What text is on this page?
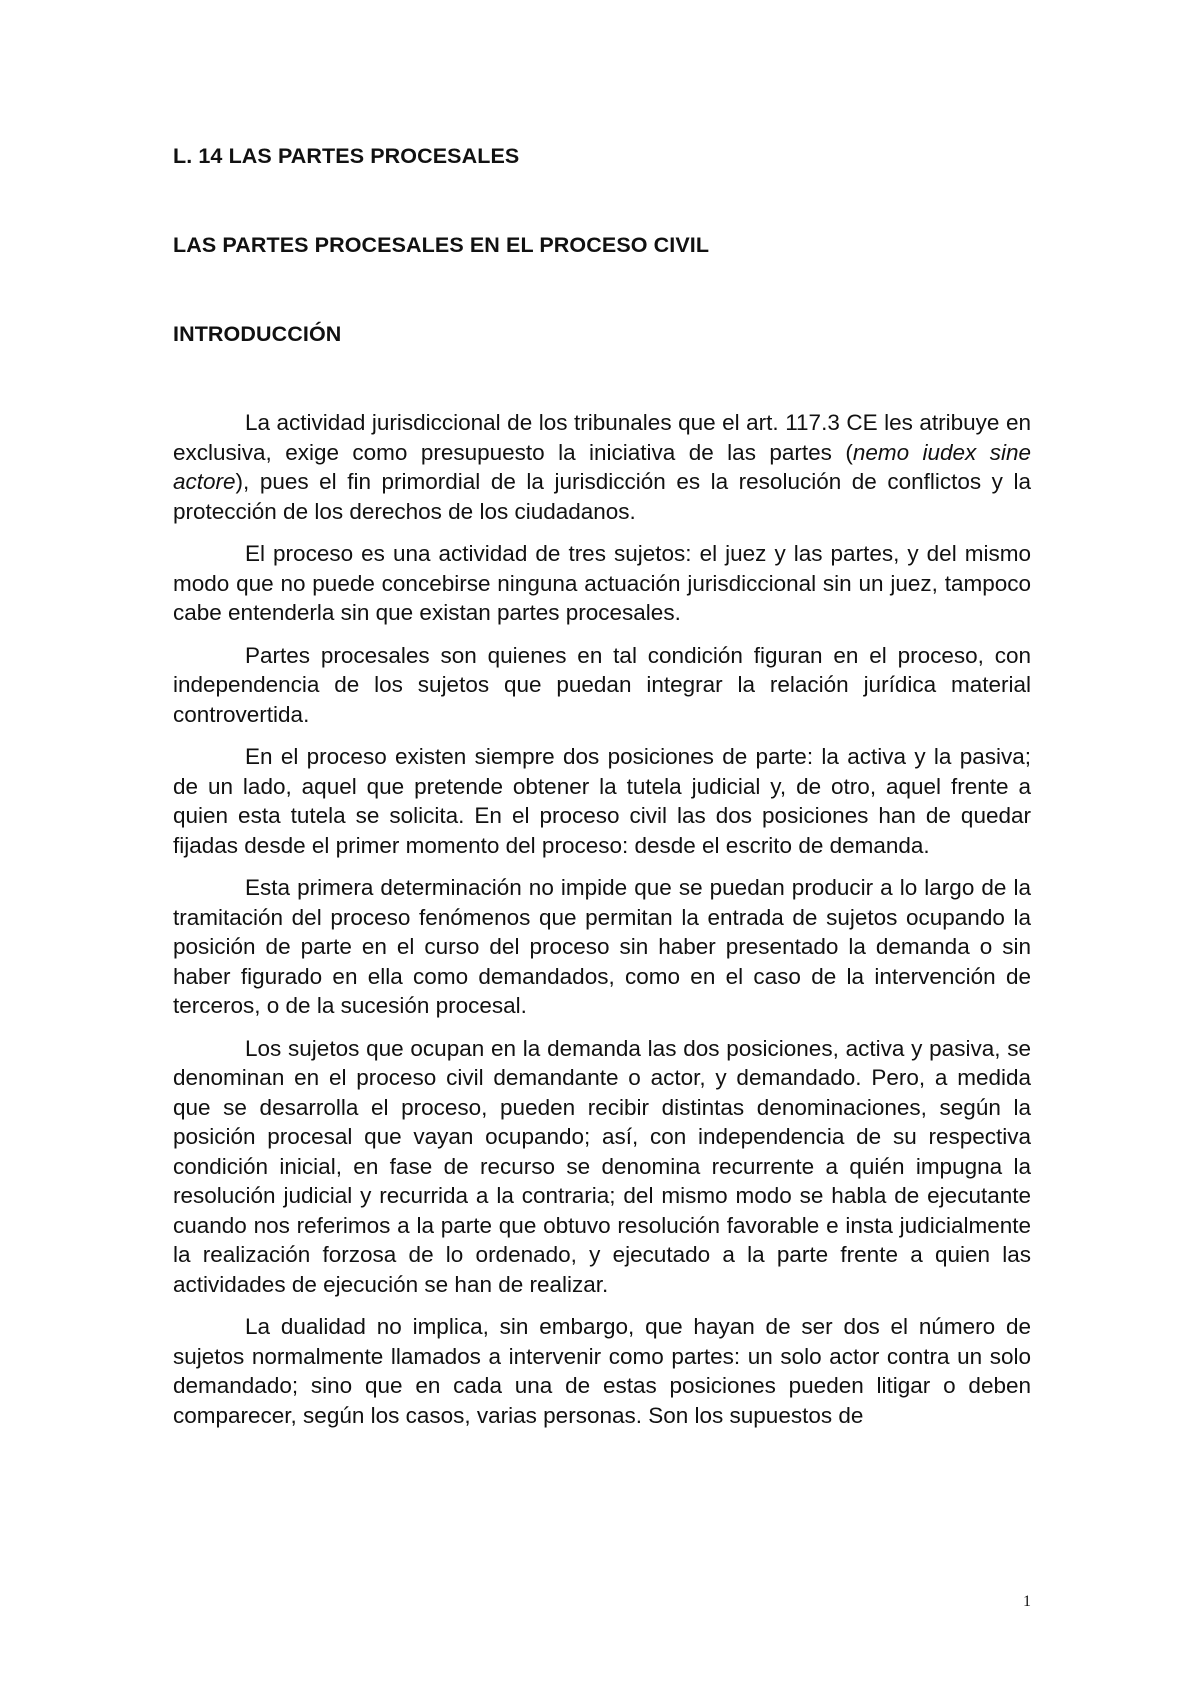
L. 14 LAS PARTES PROCESALES

LAS PARTES PROCESALES EN EL PROCESO CIVIL

INTRODUCCIÓN

La actividad jurisdiccional de los tribunales que el art. 117.3 CE les atribuye en exclusiva, exige como presupuesto la iniciativa de las partes (nemo iudex sine actore), pues el fin primordial de la jurisdicción es la resolución de conflictos y la protección de los derechos de los ciudadanos.

El proceso es una actividad de tres sujetos: el juez y las partes, y del mismo modo que no puede concebirse ninguna actuación jurisdiccional sin un juez, tampoco cabe entenderla sin que existan partes procesales.

Partes procesales son quienes en tal condición figuran en el proceso, con independencia de los sujetos que puedan integrar la relación jurídica material controvertida.

En el proceso existen siempre dos posiciones de parte: la activa y la pasiva; de un lado, aquel que pretende obtener la tutela judicial y, de otro, aquel frente a quien esta tutela se solicita. En el proceso civil las dos posiciones han de quedar fijadas desde el primer momento del proceso: desde el escrito de demanda.

Esta primera determinación no impide que se puedan producir a lo largo de la tramitación del proceso fenómenos que permitan la entrada de sujetos ocupando la posición de parte en el curso del proceso sin haber presentado la demanda o sin haber figurado en ella como demandados, como en el caso de la intervención de terceros, o de la sucesión procesal.

Los sujetos que ocupan en la demanda las dos posiciones, activa y pasiva, se denominan en el proceso civil demandante o actor, y demandado. Pero, a medida que se desarrolla el proceso, pueden recibir distintas denominaciones, según la posición procesal que vayan ocupando; así, con independencia de su respectiva condición inicial, en fase de recurso se denomina recurrente a quién impugna la resolución judicial y recurrida a la contraria; del mismo modo se habla de ejecutante cuando nos referimos a la parte que obtuvo resolución favorable e insta judicialmente la realización forzosa de lo ordenado, y ejecutado a la parte frente a quien las actividades de ejecución se han de realizar.

La dualidad no implica, sin embargo, que hayan de ser dos el número de sujetos normalmente llamados a intervenir como partes: un solo actor contra un solo demandado; sino que en cada una de estas posiciones pueden litigar o deben comparecer, según los casos, varias personas. Son los supuestos de

1
